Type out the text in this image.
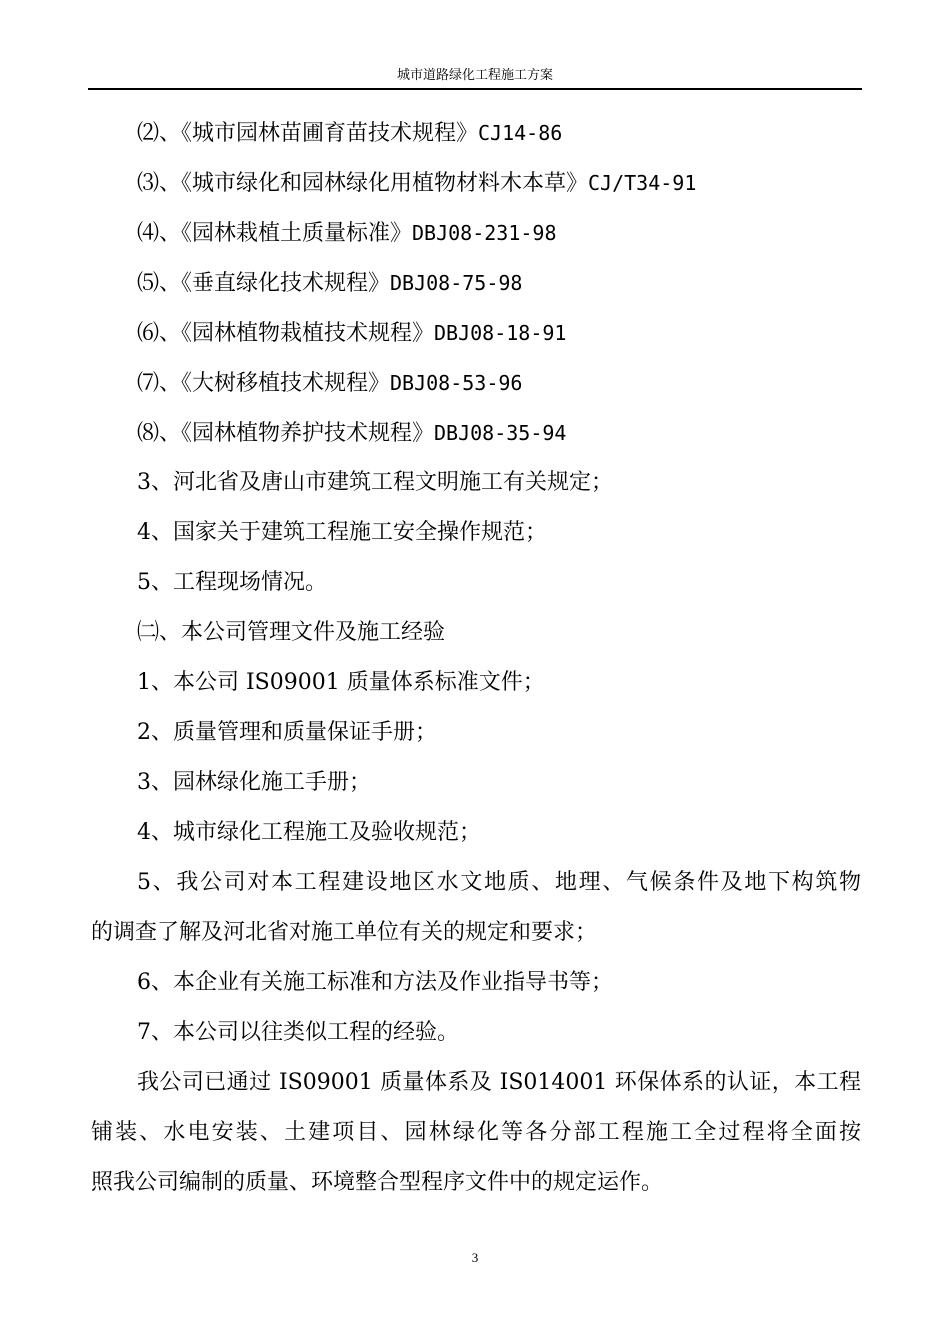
城市道路绿化工程施工方案
⑵、《城市园林苗圃育苗技术规程》CJ14-86
⑶、《城市绿化和园林绿化用植物材料木本草》CJ/T34-91
⑷、《园林栽植土质量标准》DBJ08-231-98
⑸、《垂直绿化技术规程》DBJ08-75-98
⑹、《园林植物栽植技术规程》DBJ08-18-91
⑺、《大树移植技术规程》DBJ08-53-96
⑻、《园林植物养护技术规程》DBJ08-35-94
3、河北省及唐山市建筑工程文明施工有关规定；
4、国家关于建筑工程施工安全操作规范；
5、工程现场情况。
㈡、本公司管理文件及施工经验
1、本公司 IS09001 质量体系标准文件；
2、质量管理和质量保证手册；
3、园林绿化施工手册；
4、城市绿化工程施工及验收规范；
5、我公司对本工程建设地区水文地质、地理、气候条件及地下构筑物
的调查了解及河北省对施工单位有关的规定和要求；
6、本企业有关施工标准和方法及作业指导书等；
7、本公司以往类似工程的经验。
我公司已通过 IS09001 质量体系及 IS014001 环保体系的认证，本工程
铺装、水电安装、土建项目、园林绿化等各分部工程施工全过程将全面按
照我公司编制的质量、环境整合型程序文件中的规定运作。
3
